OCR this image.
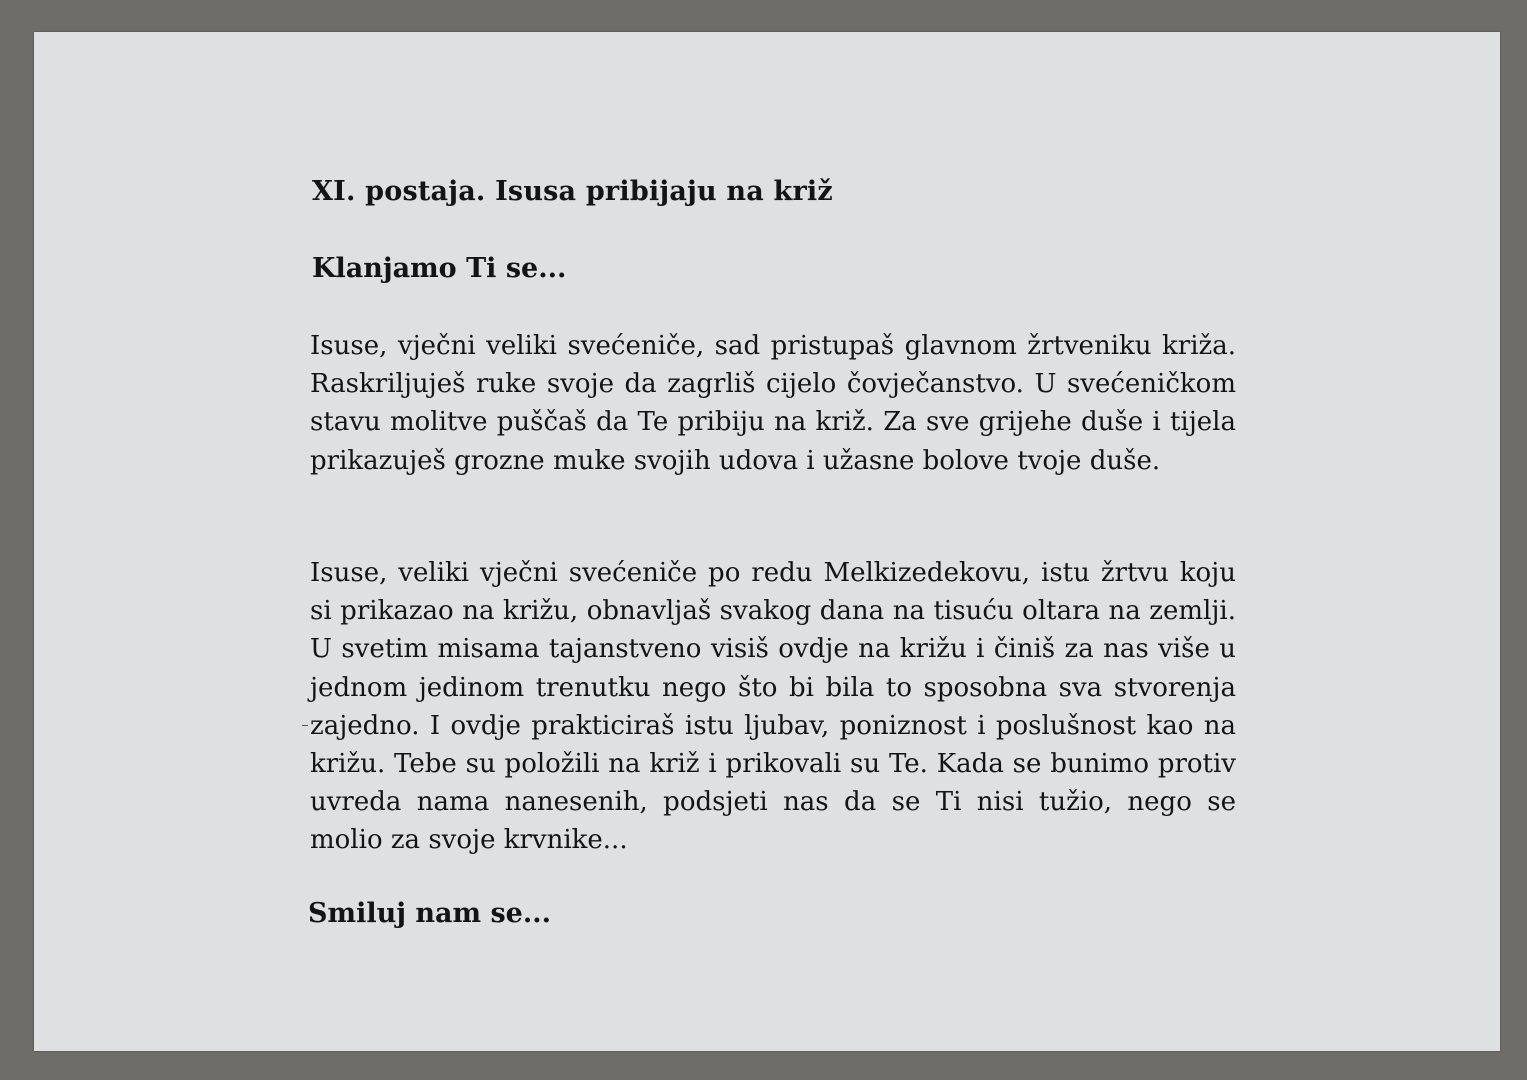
XI. postaja. Isusa pribijaju na križ

Klanjamo Ti se...

Isuse, vječni veliki svećeniče, sad pristupaš glavnom žrtveniku križa. Raskriljuješ ruke svoje da zagrliš cijelo čovječanstvo. U svećeničkom stavu molitve puščaš da Te pribiju na križ. Za sve grijehe duše i tijela prikazuješ grozne muke svojih udova i užasne bolove tvoje duše.

Isuse, veliki vječni svećeniče po redu Melkizedekovu, istu žrtvu koju si prikazao na križu, obnavljaš svakog dana na tisuću oltara na zemlji. U svetim misama tajanstveno visiš ovdje na križu i činiš za nas više u jednom jedinom trenutku nego što bi bila to sposobna sva stvorenja zajedno. I ovdje prakticiraš istu ljubav, poniznost i poslušnost kao na križu. Tebe su položili na križ i prikovali su Te. Kada se bunimo protiv uvreda nama nanesenih, podsjeti nas da se Ti nisi tužio, nego se molio za svoje krvnike...

Smiluj nam se...
